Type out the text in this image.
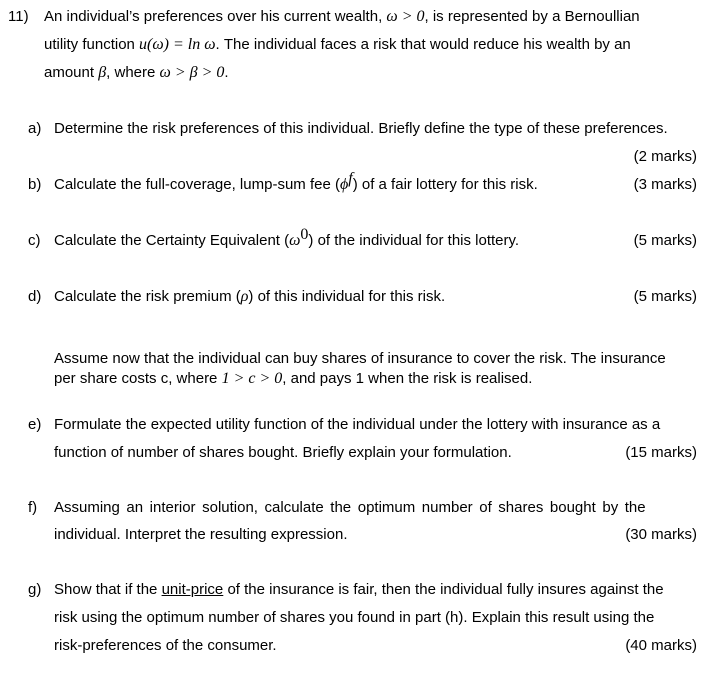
11) An individual’s preferences over his current wealth, ω > 0, is represented by a Bernoullian
utility function u(ω) = ln ω. The individual faces a risk that would reduce his wealth by an
amount β, where ω > β > 0.
a) Determine the risk preferences of this individual. Briefly define the type of these preferences.
(2 marks)
b) Calculate the full-coverage, lump-sum fee $(\phi^f)$ of a fair lottery for this risk.	(3 marks)
c) Calculate the Certainty Equivalent $(\omega^0)$ of the individual for this lottery.	(5 marks)
d) Calculate the risk premium (ρ) of this individual for this risk.	(5 marks)
Assume now that the individual can buy shares of insurance to cover the risk. The insurance
per share costs c, where 1 > c > 0, and pays 1 when the risk is realised.
e) Formulate the expected utility function of the individual under the lottery with insurance as a
function of number of shares bought. Briefly explain your formulation.	(15 marks)
f) Assuming an interior solution, calculate the optimum number of shares bought by the
individual. Interpret the resulting expression.	(30 marks)
g) Show that if the unit-price of the insurance is fair, then the individual fully insures against the
risk using the optimum number of shares you found in part (h). Explain this result using the
risk-preferences of the consumer.	(40 marks)
